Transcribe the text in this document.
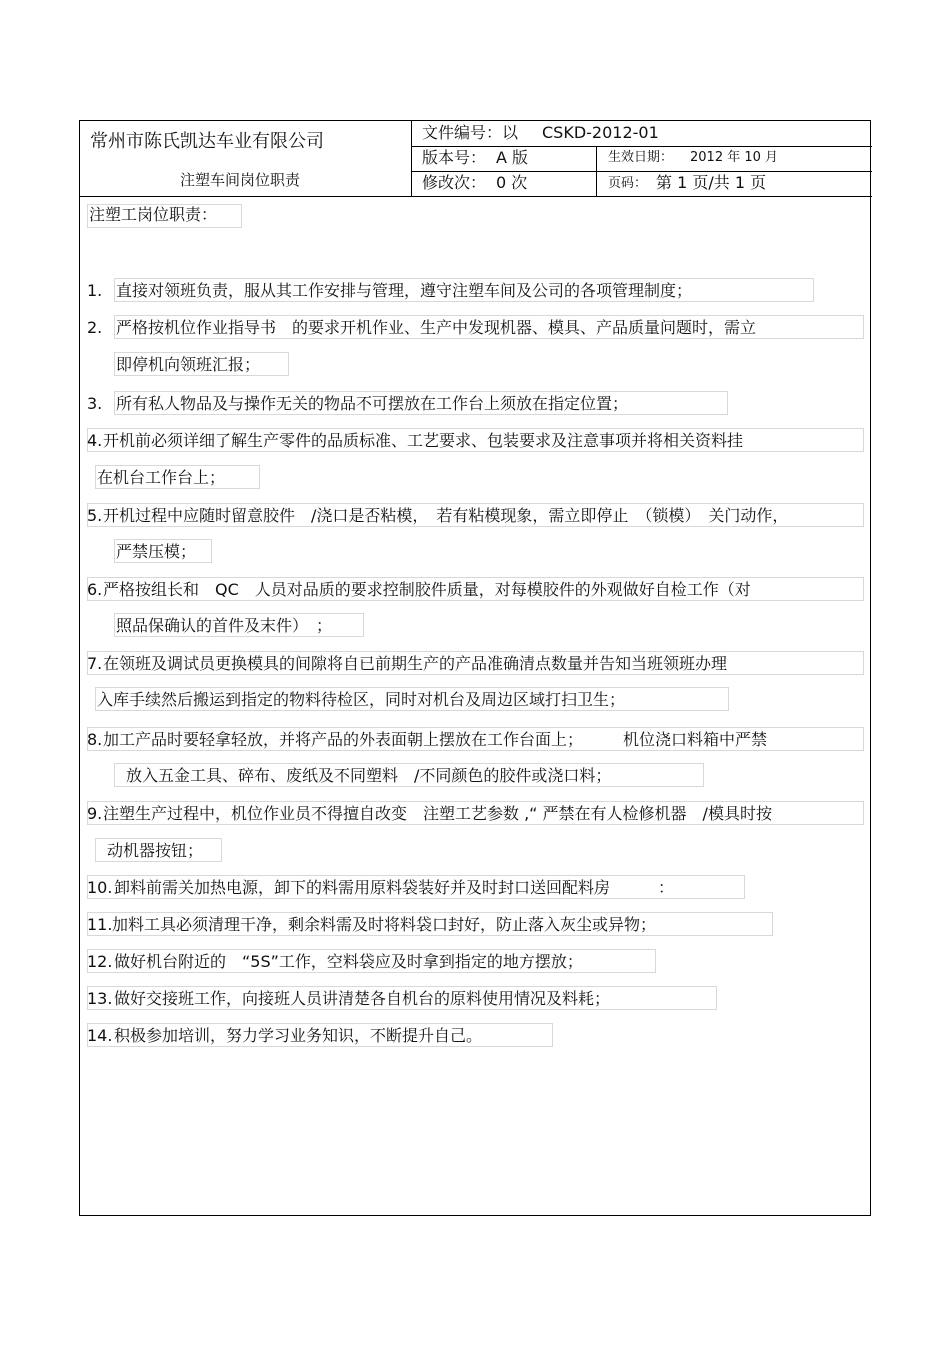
常州市陈氏凯达车业有限公司
注塑车间岗位职责
文件编号：以 CSKD-2012-01
版本号： A 版	生效日期： 2012 年 10 月
修改次： 0 次	页码： 第 1 页/共 1 页
注塑工岗位职责：
1. 直接对领班负责，服从其工作安排与管理，遵守注塑车间及公司的各项管理制度；
2. 严格按机位作业指导书　的要求开机作业、生产中发现机器、模具、产品质量问题时，需立
即停机向领班汇报；
3. 所有私人物品及与操作无关的物品不可摆放在工作台上须放在指定位置；
4. 开机前必须详细了解生产零件的品质标准、工艺要求、包装要求及注意事项并将相关资料挂
在机台工作台上；
5. 开机过程中应随时留意胶件　/浇口是否粘模，　若有粘模现象，需立即停止　（锁模）　关门动作，
严禁压模；
6. 严格按组长和　QC　人员对品质的要求控制胶件质量，对每模胶件的外观做好自检工作（对
照品保确认的首件及末件）　；
7. 在领班及调试员更换模具的间隙将自已前期生产的产品准确清点数量并告知当班领班办理
入库手续然后搬运到指定的物料待检区，同时对机台及周边区域打扫卫生；
8. 加工产品时要轻拿轻放，并将产品的外表面朝上摆放在工作台面上；　　　机位浇口料箱中严禁
放入五金工具、碎布、废纸及不同塑料　/不同颜色的胶件或浇口料；
9. 注塑生产过程中，机位作业员不得擅自改变　注塑工艺参数 ,“ 严禁在有人检修机器　/模具时按
动机器按钮；
10. 卸料前需关加热电源，卸下的料需用原料袋装好并及时封口送回配料房　　　：
11. 加料工具必须清理干净，剩余料需及时将料袋口封好，防止落入灰尘或异物；
12. 做好机台附近的　“5S”工作，空料袋应及时拿到指定的地方摆放；
13. 做好交接班工作，向接班人员讲清楚各自机台的原料使用情况及料耗；
14. 积极参加培训，努力学习业务知识，不断提升自己。
